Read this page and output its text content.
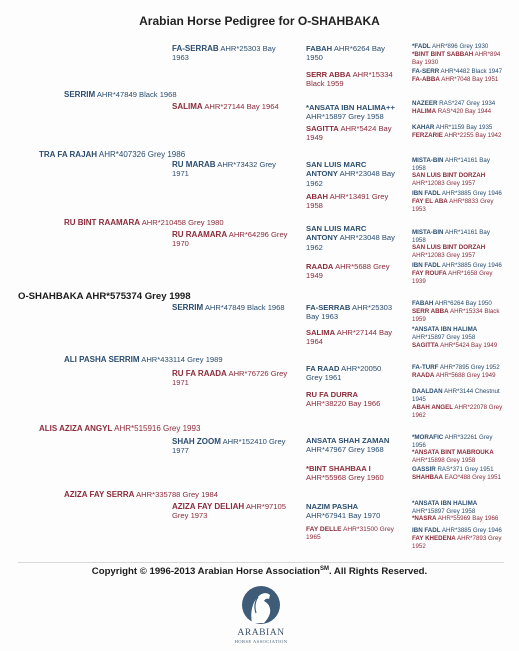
Arabian Horse Pedigree for O-SHAHBAKA
TRA FA RAJAH AHR*407326 Grey 1986
ALIS AZIZA ANGYL AHR*515916 Grey 1993
SERRIM AHR*47849 Black 1968
RU BINT RAAMARA AHR*210458 Grey 1980
ALI PASHA SERRIM AHR*433114 Grey 1989
AZIZA FAY SERRA AHR*335788 Grey 1984
O-SHAHBAKA AHR*575374 Grey 1998
FA-SERRAB AHR*25303 Bay
1963
SALIMA AHR*27144 Bay 1964

RU MARAB AHR*73432 Grey
1971
RU RAAMARA AHR*64296 Grey
1970
SERRIM AHR*47849 Black 1968

RU FA RAADA AHR*76726 Grey
1971
SHAH ZOOM AHR*152410 Grey
1977
AZIZA FAY DELIAH AHR*97105
Grey 1973
FABAH AHR*6264 Bay
1950
SERR ABBA AHR*15334
Black 1959
*ANSATA IBN HALIMA++
AHR*15897 Grey 1958
SAGITTA AHR*5424 Bay
1949
SAN LUIS MARC
ANTONY AHR*23048 Bay
1962
ABAH AHR*13491 Grey
1958
SAN LUIS MARC
ANTONY AHR*23048 Bay
1962
RAADA AHR*5688 Grey
1949
FA-SERRAB AHR*25303
Bay 1963
SALIMA AHR*27144 Bay
1964
FA RAAD AHR*20050
Grey 1961
RU FA DURRA
AHR*38220 Bay 1966
ANSATA SHAH ZAMAN
AHR*47967 Grey 1968
*BINT SHAHBAA I
AHR*55968 Grey 1960
NAZIM PASHA
AHR*67941 Bay 1970
FAY DELLE AHR*31500 Grey
1965
*FADL AHR*896 Grey 1930
*BINT BINT SABBAH AHR*894
Bay 1930
FA-SERR AHR*4482 Black 1947
FA-ABBA AHR*7048 Bay 1951
NAZEER RAS*247 Grey 1934
HALIMA RAS*420 Bay 1944
KAHAR AHR*1159 Bay 1935
FERZARIE AHR*2255 Bay 1942
MISTA-BIN AHR*14161 Bay
1958
SAN LUIS BINT DORZAH
AHR*12083 Grey 1957
IBN FADL AHR*3885 Grey 1946
FAY EL ABA AHR*8833 Grey
1953
MISTA-BIN AHR*14161 Bay
1958
SAN LUIS BINT DORZAH
AHR*12083 Grey 1957
IBN FADL AHR*3885 Grey 1946
FAY ROUFA AHR*1658 Grey
1939
FABAH AHR*6264 Bay 1950
SERR ABBA AHR*15334 Black
1959
*ANSATA IBN HALIMA
AHR*15897 Grey 1958
SAGITTA AHR*5424 Bay 1949
FA-TURF AHR*7895 Grey 1952
RAADA AHR*5688 Grey 1949
DAALDAN AHR*3144 Chestnut
1945
ABAH ANGEL AHR*22078 Grey
1962
*MORAFIC AHR*32261 Grey
1956
*ANSATA BINT MABROUKA
AHR*15898 Grey 1958
GASSIR RAS*371 Grey 1951
SHAHBAA EAO*488 Grey 1951
*ANSATA IBN HALIMA
AHR*15897 Grey 1958
*NASRA AHR*55969 Bay 1966
IBN FADL AHR*3885 Grey 1946
FAY KHEDENA AHR*7893 Grey
1952
Copyright © 1996-2013 Arabian Horse Association℠. All Rights Reserved.
ARABIAN
HORSE ASSOCIATION
